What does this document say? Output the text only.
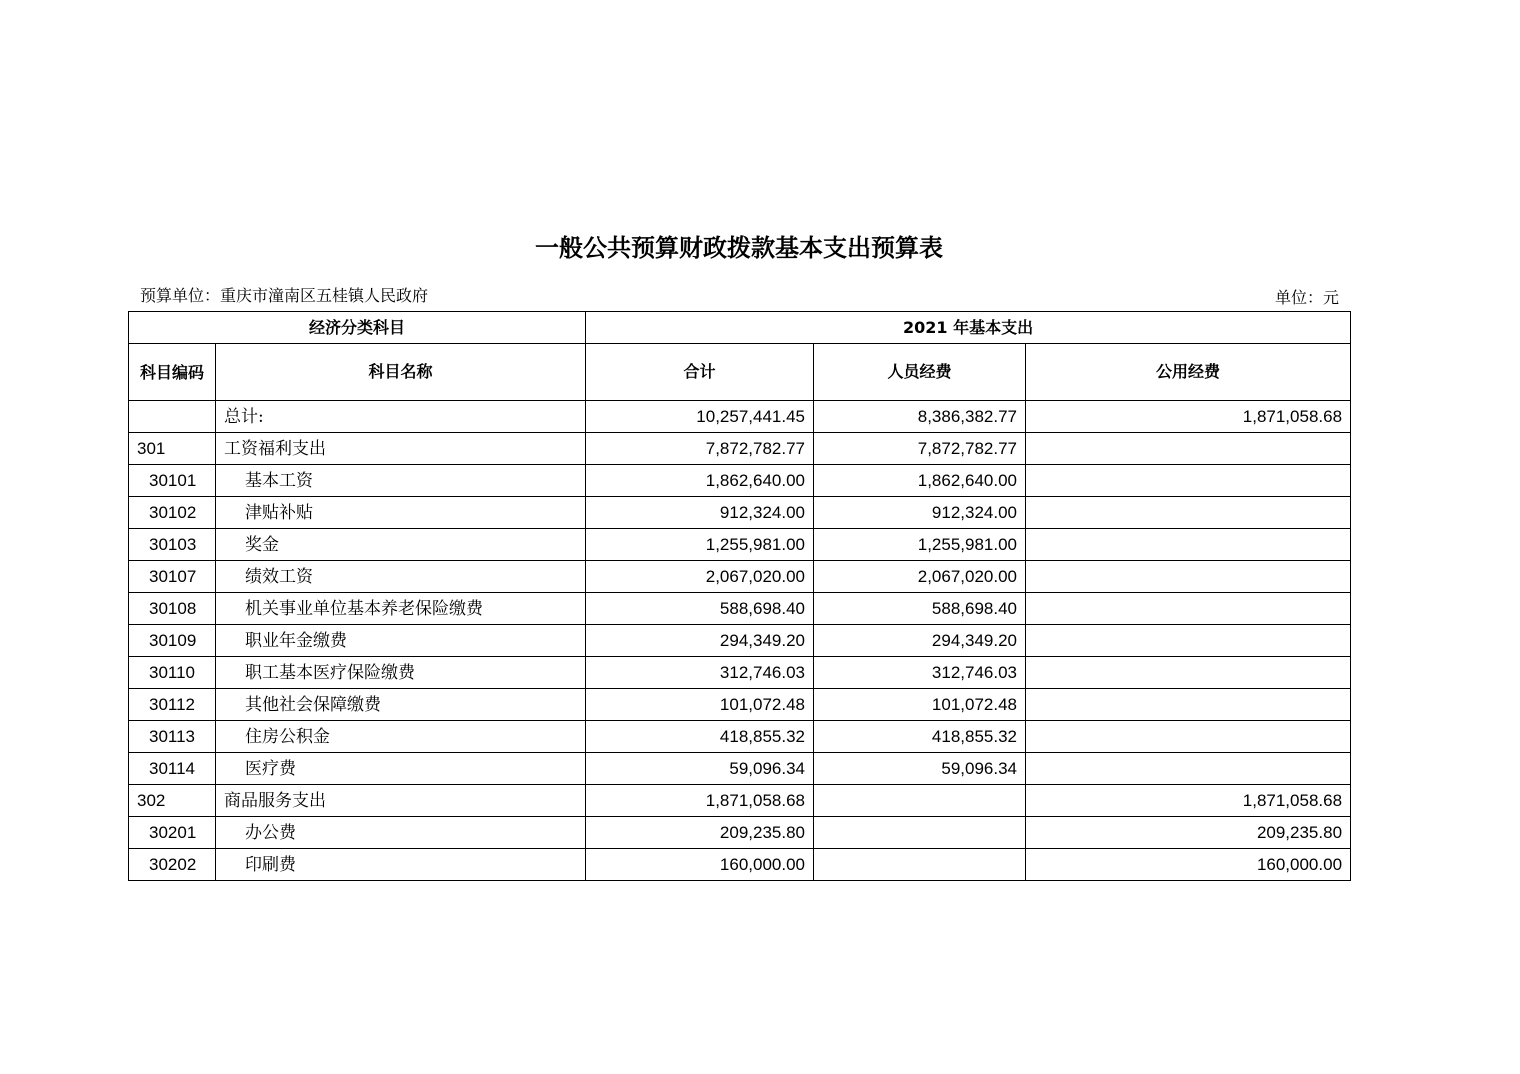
一般公共预算财政拨款基本支出预算表
预算单位：重庆市潼南区五桂镇人民政府	单位：元
经济分类科目		2021 年基本支出		
科目编码	科目名称	合计	人员经费	公用经费
	总计:	10,257,441.45	8,386,382.77	1,871,058.68
301	工资福利支出	7,872,782.77	7,872,782.77	
30101	基本工资	1,862,640.00	1,862,640.00	
30102	津贴补贴	912,324.00	912,324.00	
30103	奖金	1,255,981.00	1,255,981.00	
30107	绩效工资	2,067,020.00	2,067,020.00	
30108	机关事业单位基本养老保险缴费	588,698.40	588,698.40	
30109	职业年金缴费	294,349.20	294,349.20	
30110	职工基本医疗保险缴费	312,746.03	312,746.03	
30112	其他社会保障缴费	101,072.48	101,072.48	
30113	住房公积金	418,855.32	418,855.32	
30114	医疗费	59,096.34	59,096.34	
302	商品服务支出	1,871,058.68		1,871,058.68
30201	办公费	209,235.80		209,235.80
30202	印刷费	160,000.00		160,000.00
